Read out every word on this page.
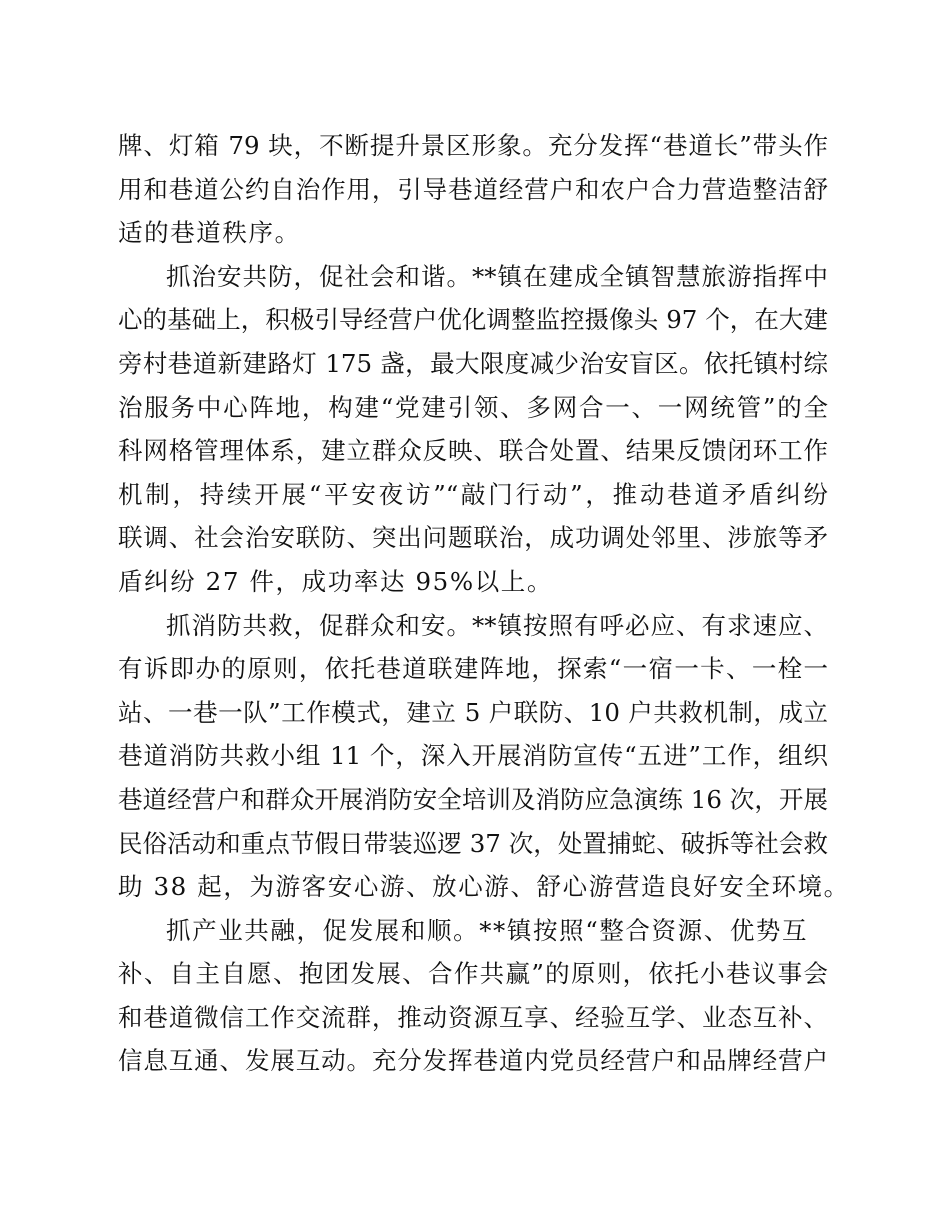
牌、灯箱 79 块，不断提升景区形象。充分发挥“巷道长”带头作
用和巷道公约自治作用，引导巷道经营户和农户合力营造整洁舒
适的巷道秩序。
抓治安共防，促社会和谐。**镇在建成全镇智慧旅游指挥中
心的基础上，积极引导经营户优化调整监控摄像头 97 个，在大建
旁村巷道新建路灯 175 盏，最大限度减少治安盲区。依托镇村综
治服务中心阵地，构建“党建引领、多网合一、一网统管”的全
科网格管理体系，建立群众反映、联合处置、结果反馈闭环工作
机制，持续开展“平安夜访”“敲门行动”，推动巷道矛盾纠纷
联调、社会治安联防、突出问题联治，成功调处邻里、涉旅等矛
盾纠纷 27 件，成功率达 95%以上。
抓消防共救，促群众和安。**镇按照有呼必应、有求速应、
有诉即办的原则，依托巷道联建阵地，探索“一宿一卡、一栓一
站、一巷一队”工作模式，建立 5 户联防、10 户共救机制，成立
巷道消防共救小组 11 个，深入开展消防宣传“五进”工作，组织
巷道经营户和群众开展消防安全培训及消防应急演练 16 次，开展
民俗活动和重点节假日带装巡逻 37 次，处置捕蛇、破拆等社会救
助 38 起，为游客安心游、放心游、舒心游营造良好安全环境。
抓产业共融，促发展和顺。**镇按照“整合资源、优势互
补、自主自愿、抱团发展、合作共赢”的原则，依托小巷议事会
和巷道微信工作交流群，推动资源互享、经验互学、业态互补、
信息互通、发展互动。充分发挥巷道内党员经营户和品牌经营户
